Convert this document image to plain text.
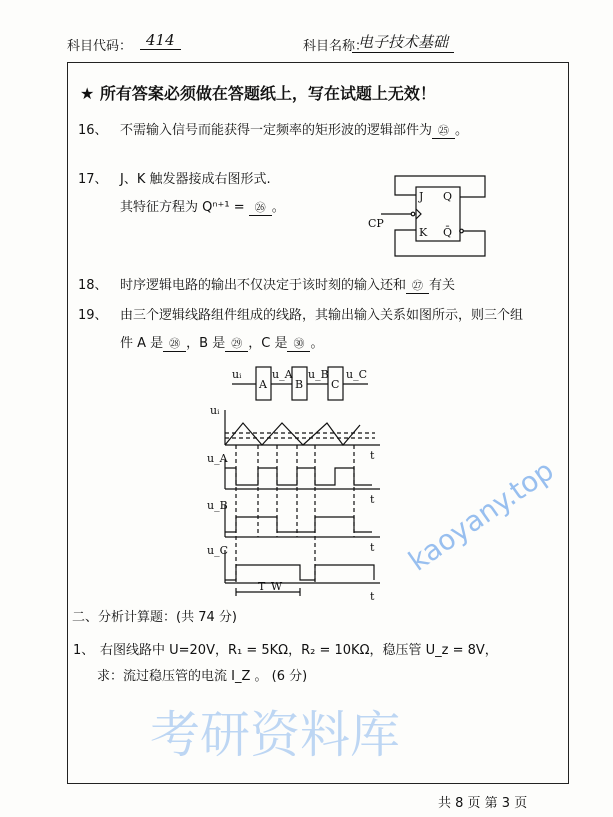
科目代码： 414	科目名称：
电子技术基础
★ 所有答案必须做在答题纸上，写在试题上无效！
16、 不需输入信号而能获得一定频率的矩形波的逻辑部件为 ㉕ 。
17、 J、K 触发器接成右图形式.
其特征方程为 Qⁿ⁺¹ = ㉖ 。
18、 时序逻辑电路的输出不仅决定于该时刻的输入还和 ㉗ 有关
19、 由三个逻辑线路组件组成的线路，其输出输入关系如图所示，则三个组
件 A 是 ㉘ ，B 是 ㉙ ，C 是 ㉚ 。
J
K
Q
Q̄
CP
A	B	C
uᵢ	u_A u_B u_C
uᵢ
u_A
u_B
u_C
t
t
t
t
T_W
二、分析计算题：(共 74 分)
1、 右图线路中 U=20V，R₁ = 5KΩ，R₂ = 10KΩ，稳压管 U_z = 8V，
求：流过稳压管的电流 I_Z 。 (6 分)
共 8 页 第 3 页
考研资料库
kaoyany.top
